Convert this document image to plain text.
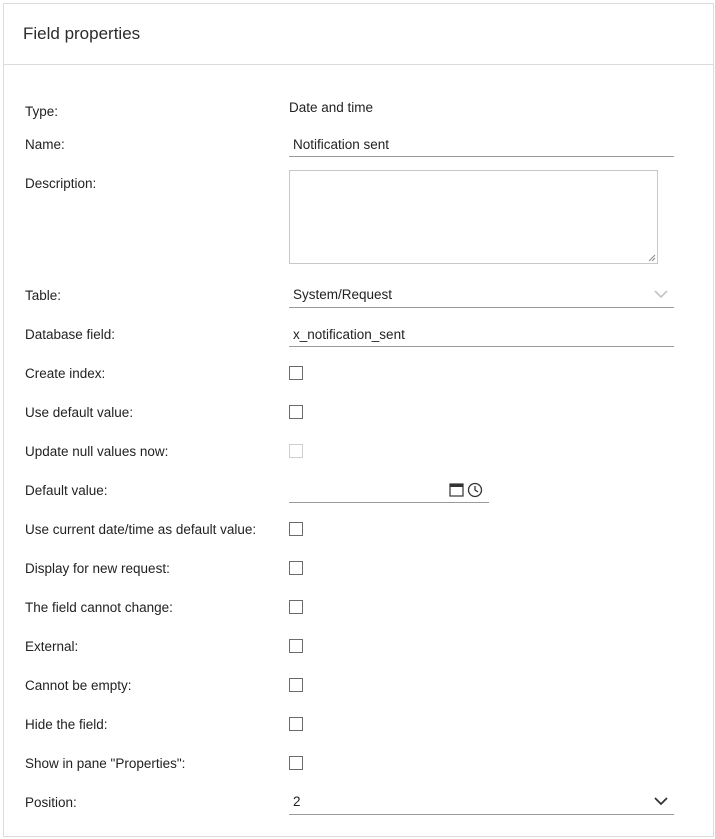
Field properties
Type:	Date and time
Name:
Notification sent
Description:
Table:	System/Request
Database field:
x_notification_sent
Create index:
Use default value:
Update null values now:
Default value:
Use current date/time as default value:
Display for new request:
The field cannot change:
External:
Cannot be empty:
Hide the field:
Show in pane "Properties":
Position:	2
